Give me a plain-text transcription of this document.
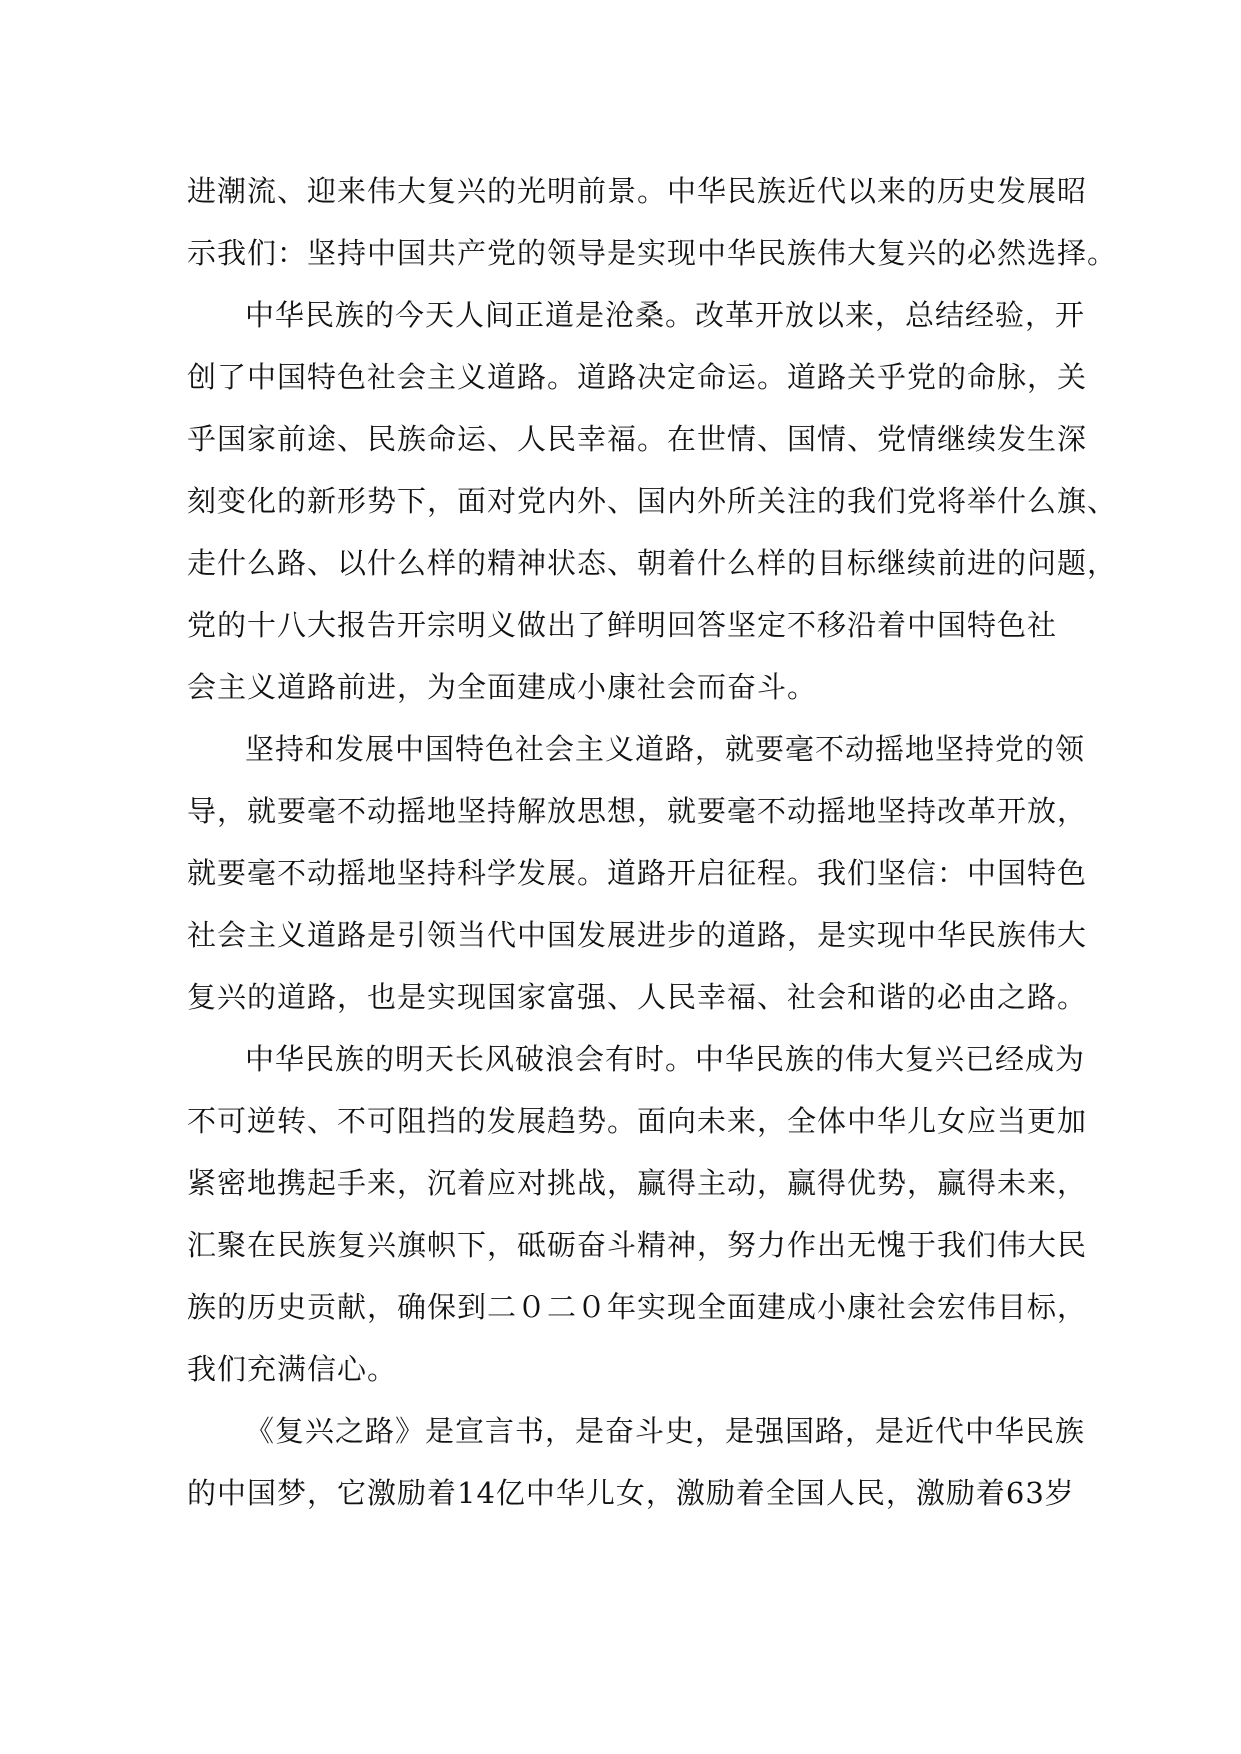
进潮流、迎来伟大复兴的光明前景。中华民族近代以来的历史发展昭
示我们：坚持中国共产党的领导是实现中华民族伟大复兴的必然选择。
中华民族的今天人间正道是沧桑。改革开放以来，总结经验，开
创了中国特色社会主义道路。道路决定命运。道路关乎党的命脉，关
乎国家前途、民族命运、人民幸福。在世情、国情、党情继续发生深
刻变化的新形势下，面对党内外、国内外所关注的我们党将举什么旗、
走什么路、以什么样的精神状态、朝着什么样的目标继续前进的问题，
党的十八大报告开宗明义做出了鲜明回答坚定不移沿着中国特色社
会主义道路前进，为全面建成小康社会而奋斗。
坚持和发展中国特色社会主义道路，就要毫不动摇地坚持党的领
导，就要毫不动摇地坚持解放思想，就要毫不动摇地坚持改革开放，
就要毫不动摇地坚持科学发展。道路开启征程。我们坚信：中国特色
社会主义道路是引领当代中国发展进步的道路，是实现中华民族伟大
复兴的道路，也是实现国家富强、人民幸福、社会和谐的必由之路。
中华民族的明天长风破浪会有时。中华民族的伟大复兴已经成为
不可逆转、不可阻挡的发展趋势。面向未来，全体中华儿女应当更加
紧密地携起手来，沉着应对挑战，赢得主动，赢得优势，赢得未来，
汇聚在民族复兴旗帜下，砥砺奋斗精神，努力作出无愧于我们伟大民
族的历史贡献，确保到二０二０年实现全面建成小康社会宏伟目标，
我们充满信心。
《复兴之路》是宣言书，是奋斗史，是强国路，是近代中华民族
的中国梦，它激励着14亿中华儿女，激励着全国人民，激励着63岁
